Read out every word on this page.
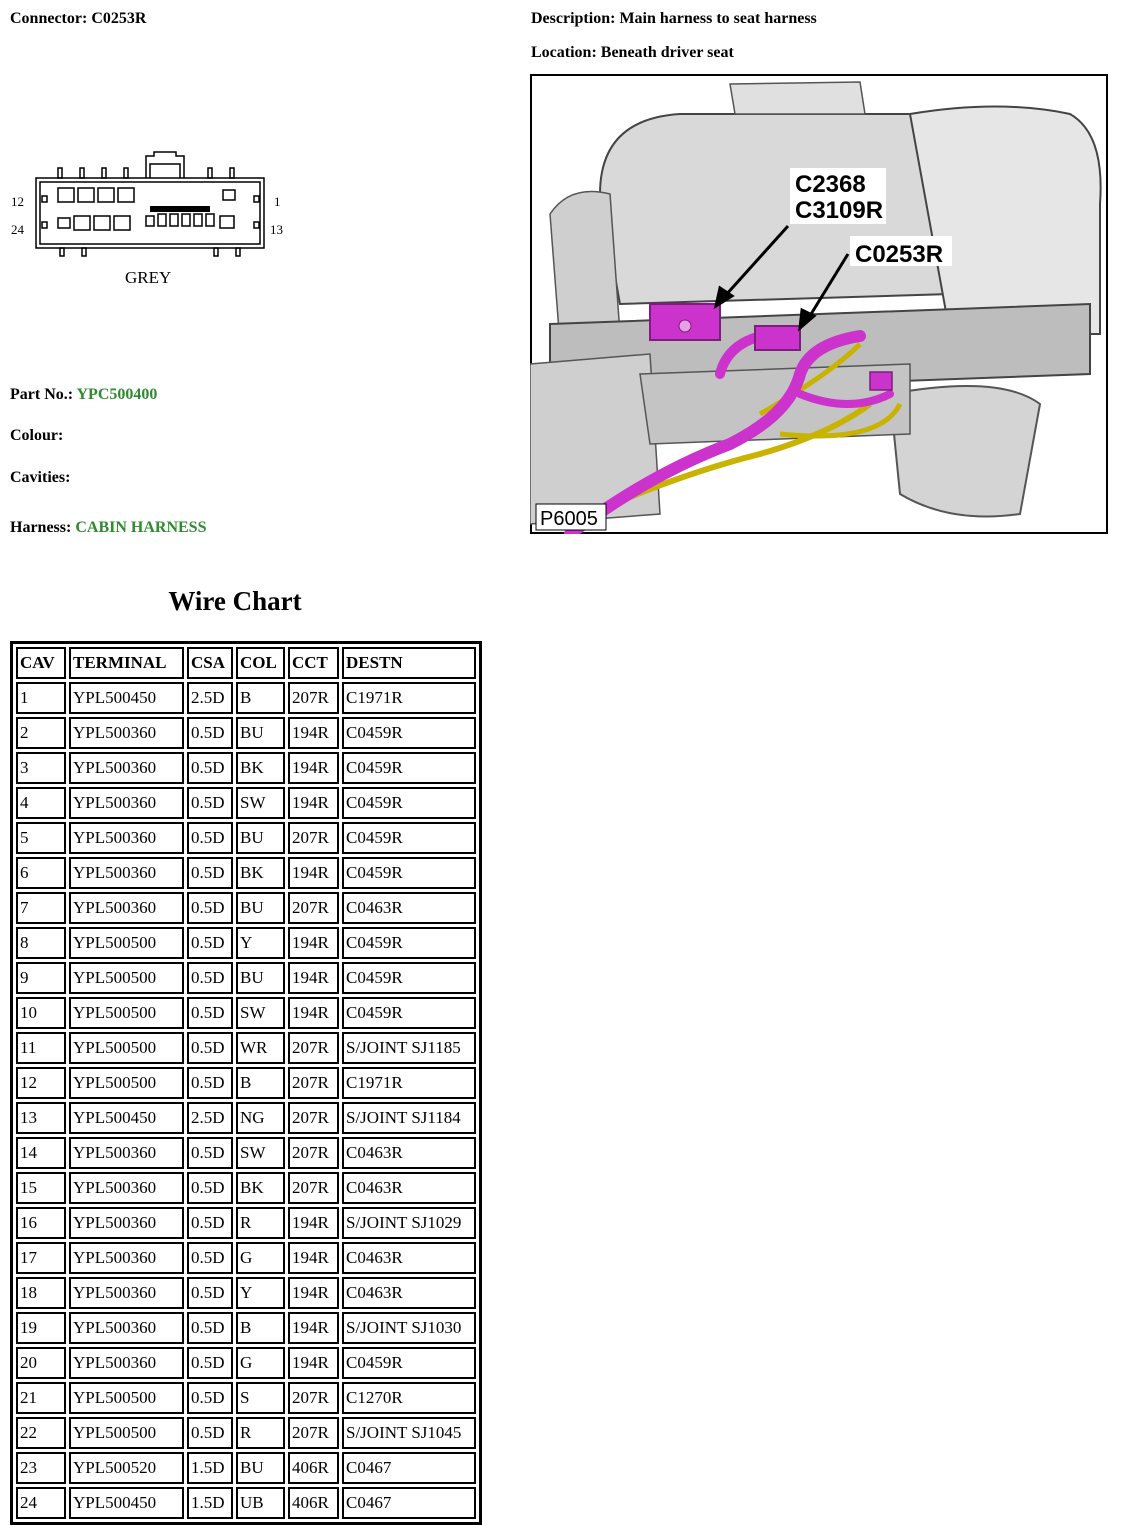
Connector: C0253R	Description: Main harness to seat harness
Location: Beneath driver seat
12
24
1
13
GREY
Part No.: YPC500400
Colour:
Cavities:
Harness: CABIN HARNESS
C2368
C3109R
C0253R
P6005
Wire Chart
CAV	TERMINAL	CSA	COL	CCT	DESTN
1	YPL500450	2.5D	B	207R	C1971R
2	YPL500360	0.5D	BU	194R	C0459R
3	YPL500360	0.5D	BK	194R	C0459R
4	YPL500360	0.5D	SW	194R	C0459R
5	YPL500360	0.5D	BU	207R	C0459R
6	YPL500360	0.5D	BK	194R	C0459R
7	YPL500360	0.5D	BU	207R	C0463R
8	YPL500500	0.5D	Y	194R	C0459R
9	YPL500500	0.5D	BU	194R	C0459R
10	YPL500500	0.5D	SW	194R	C0459R
11	YPL500500	0.5D	WR	207R	S/JOINT SJ1185
12	YPL500500	0.5D	B	207R	C1971R
13	YPL500450	2.5D	NG	207R	S/JOINT SJ1184
14	YPL500360	0.5D	SW	207R	C0463R
15	YPL500360	0.5D	BK	207R	C0463R
16	YPL500360	0.5D	R	194R	S/JOINT SJ1029
17	YPL500360	0.5D	G	194R	C0463R
18	YPL500360	0.5D	Y	194R	C0463R
19	YPL500360	0.5D	B	194R	S/JOINT SJ1030
20	YPL500360	0.5D	G	194R	C0459R
21	YPL500500	0.5D	S	207R	C1270R
22	YPL500500	0.5D	R	207R	S/JOINT SJ1045
23	YPL500520	1.5D	BU	406R	C0467
24	YPL500450	1.5D	UB	406R	C0467
